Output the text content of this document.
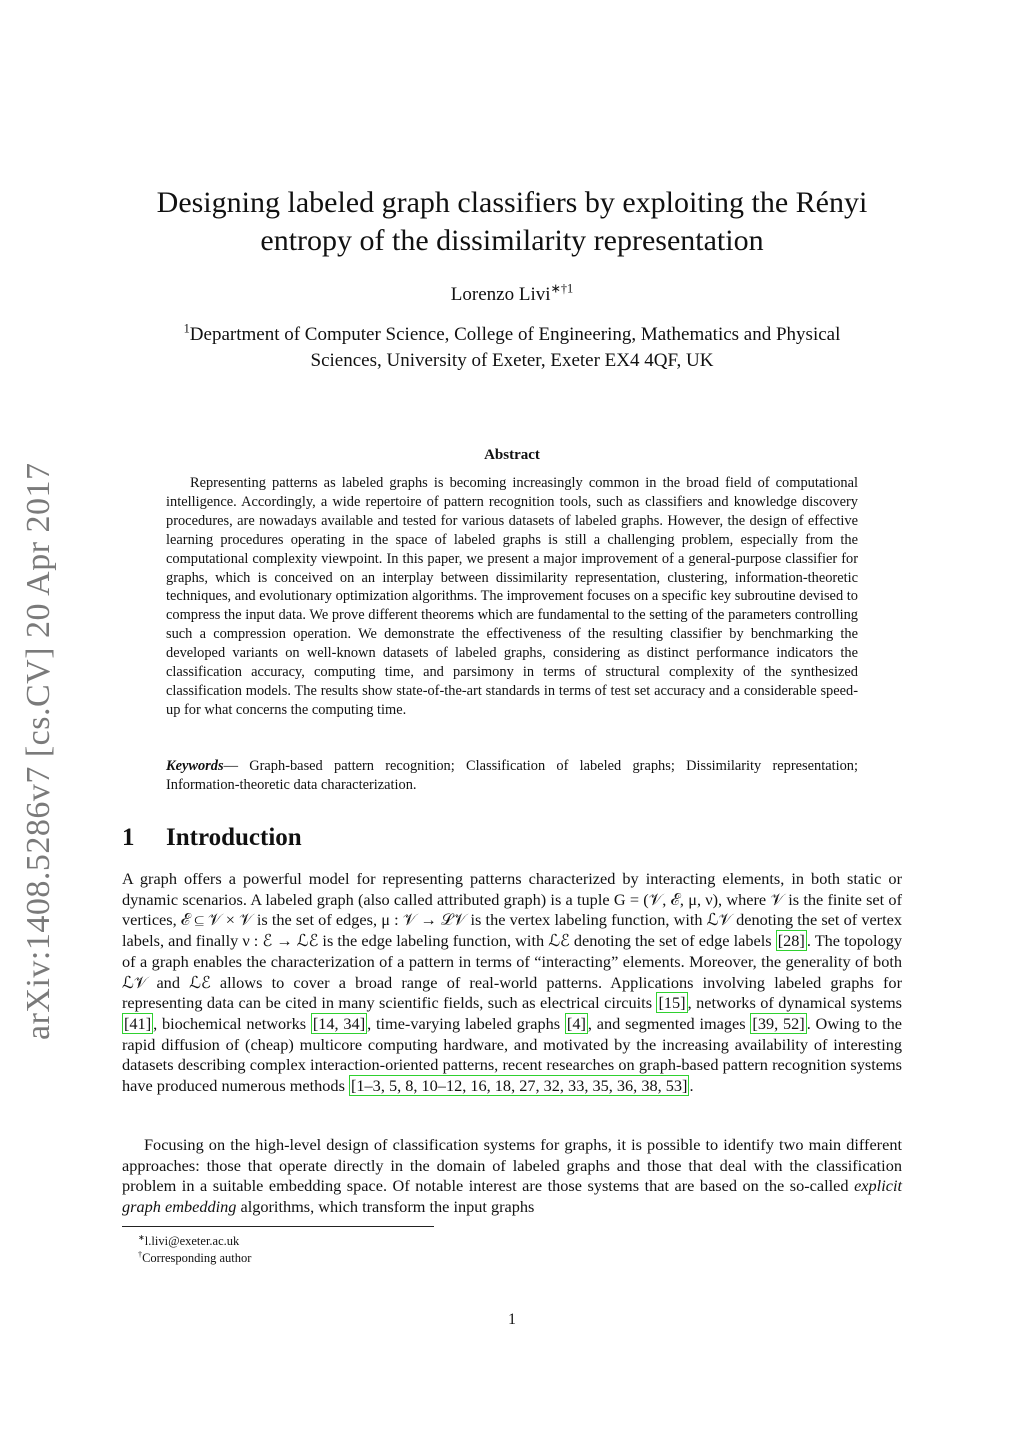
arXiv:1408.5286v7 [cs.CV] 20 Apr 2017
Designing labeled graph classifiers by exploiting the Rényi
entropy of the dissimilarity representation
Lorenzo Livi$^{∗\dagger 1}$
$^1$Department of Computer Science, College of Engineering, Mathematics and Physical
Sciences, University of Exeter, Exeter EX4 4QF, UK
Abstract

Representing patterns as labeled graphs is becoming increasingly common in the broad field of computational intelligence. Accordingly, a wide repertoire of pattern recognition tools, such as classifiers and knowledge discovery procedures, are nowadays available and tested for various datasets of labeled graphs. However, the design of effective learning procedures operating in the space of labeled graphs is still a challenging problem, especially from the computational complexity viewpoint. In this paper, we present a major improvement of a general-purpose classifier for graphs, which is conceived on an interplay between dissimilarity representation, clustering, information-theoretic techniques, and evolutionary optimization algorithms. The improvement focuses on a specific key subroutine devised to compress the input data. We prove different theorems which are fundamental to the setting of the parameters controlling such a compression operation. We demonstrate the effectiveness of the resulting classifier by benchmarking the developed variants on well-known datasets of labeled graphs, considering as distinct performance indicators the classification accuracy, computing time, and parsimony in terms of structural complexity of the synthesized classification models. The results show state-of-the-art standards in terms of test set accuracy and a considerable speed-up for what concerns the computing time.

Keywords— Graph-based pattern recognition; Classification of labeled graphs; Dissimilarity representation; Information-theoretic data characterization.

1 Introduction

A graph offers a powerful model for representing patterns characterized by interacting elements, in both static or dynamic scenarios. A labeled graph (also called attributed graph) is a tuple G = (𝒱, ℰ, μ, ν), where 𝒱 is the finite set of vertices, ℰ ⊆ 𝒱 × 𝒱 is the set of edges, μ : 𝒱 → ℒ𝒱 is the vertex labeling function, with ℒ𝒱 denoting the set of vertex labels, and finally ν : ℰ → ℒℰ is the edge labeling function, with ℒℰ denoting the set of edge labels [28] . The topology of a graph enables the characterization of a pattern in terms of “interacting” elements. Moreover, the generality of both ℒ𝒱 and ℒℰ allows to cover a broad range of real-world patterns. Applications involving labeled graphs for representing data can be cited in many scientific fields, such as electrical circuits [15] , networks of dynamical systems [41] , biochemical networks [14, 34] , time-varying labeled graphs [4] , and segmented images [39, 52] . Owing to the rapid diffusion of (cheap) multicore computing hardware, and motivated by the increasing availability of interesting datasets describing complex interaction-oriented patterns, recent researches on graph-based pattern recognition systems have produced numerous methods [1–3, 5, 8, 10–12, 16, 18, 27, 32, 33, 35, 36, 38, 53] .

Focusing on the high-level design of classification systems for graphs, it is possible to identify two main different approaches: those that operate directly in the domain of labeled graphs and those that deal with the classification problem in a suitable embedding space. Of notable interest are those systems that are based on the so-called explicit graph embedding algorithms, which transform the input graphs

∗l.livi@exeter.ac.uk
†Corresponding author
1
